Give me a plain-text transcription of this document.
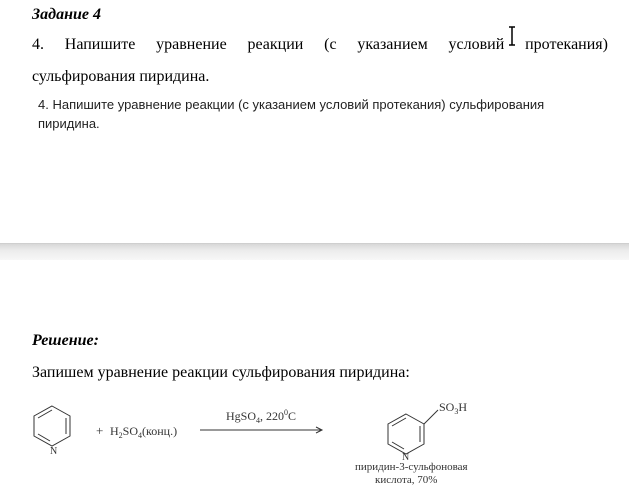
Задание 4
4. Напишите уравнение реакции (с указанием условий протекания)
сульфирования пиридина.
4. Напишите уравнение реакции (с указанием условий протекания) сульфирования
пиридина.
Решение:
Запишем уравнение реакции сульфирования пиридина:
N
+ $H_2SO_4(конц.)$
HgSO$_4$, $220^0C$
$SO_3H$
N
пиридин-3-сульфоновая
кислота, 70%
